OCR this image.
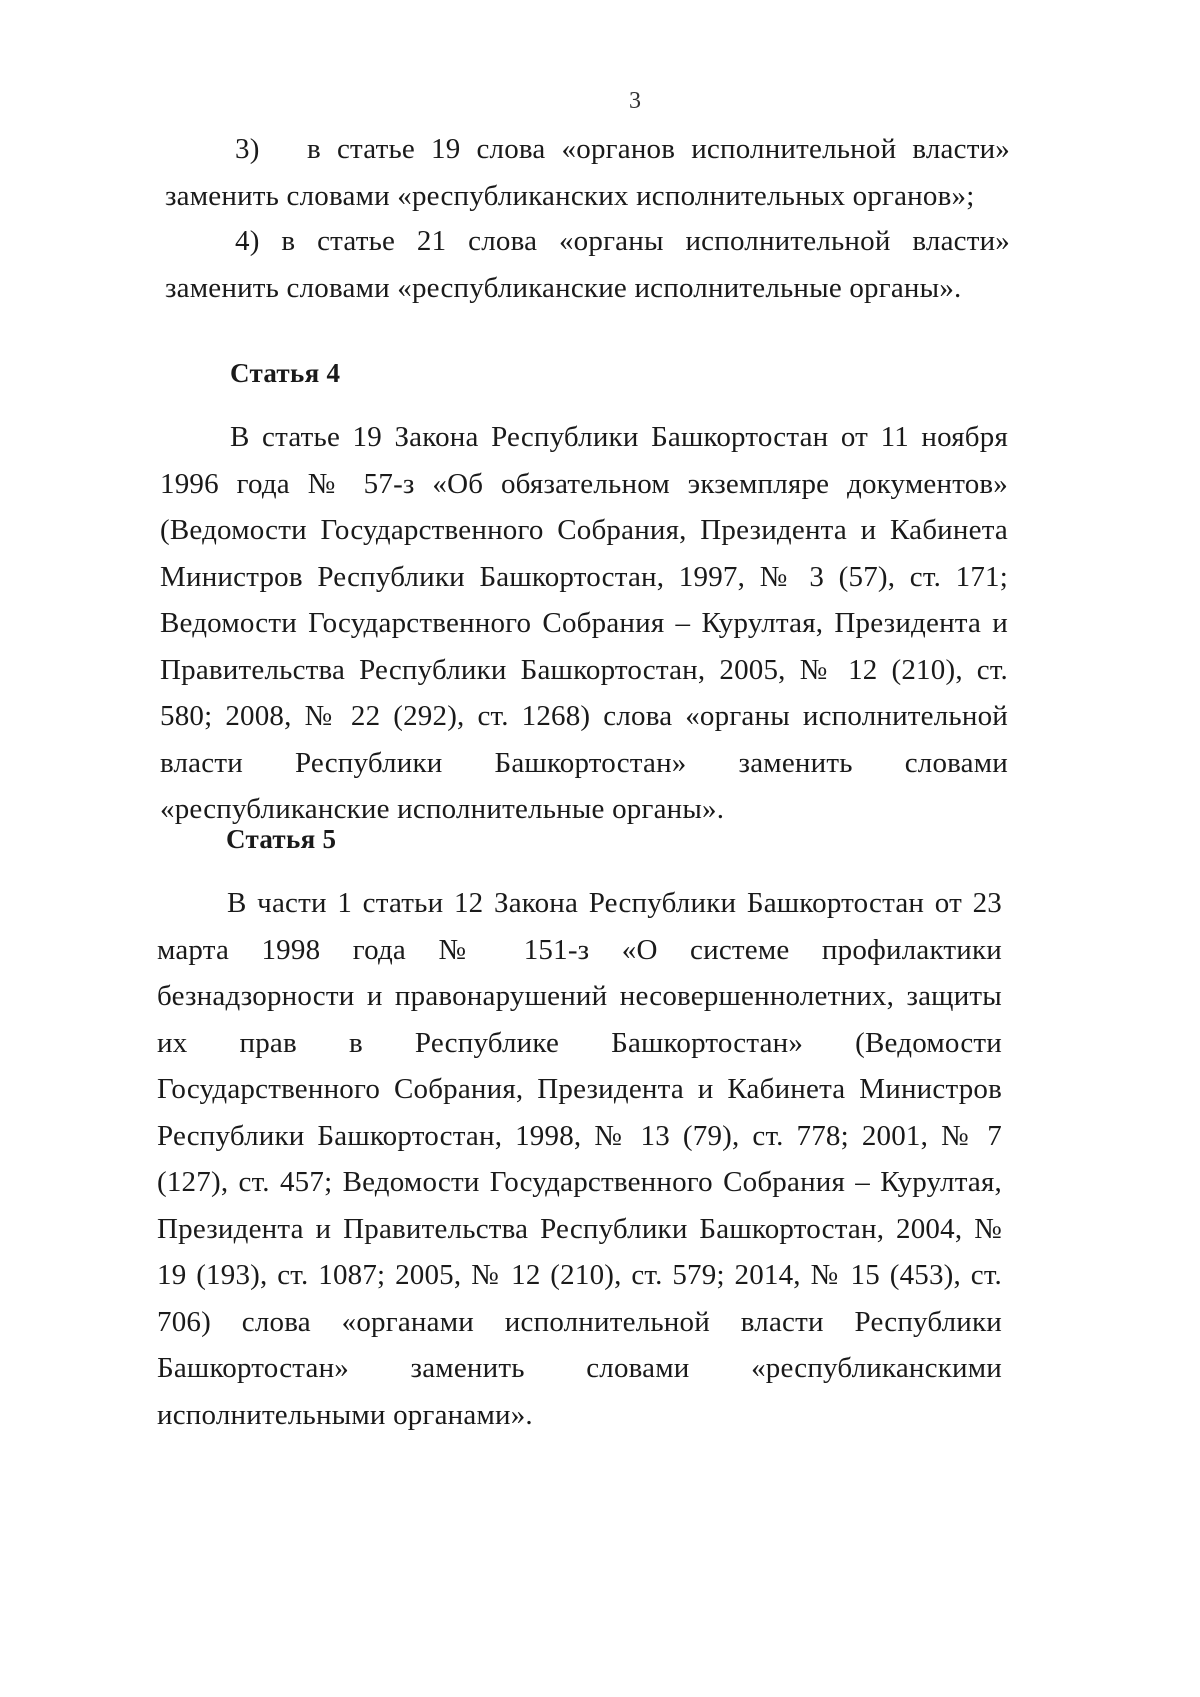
3
3) в статье 19 слова «органов исполнительной власти» заменить словами «республиканских исполнительных органов»;
4) в статье 21 слова «органы исполнительной власти» заменить словами «республиканские исполнительные органы».
Статья 4
В статье 19 Закона Республики Башкортостан от 11 ноября 1996 года № 57-з «Об обязательном экземпляре документов» (Ведомости Государственного Собрания, Президента и Кабинета Министров Республики Башкортостан, 1997, № 3 (57), ст. 171; Ведомости Государственного Собрания – Курултая, Президента и Правительства Республики Башкортостан, 2005, № 12 (210), ст. 580; 2008, № 22 (292), ст. 1268) слова «органы исполнительной власти Республики Башкортостан» заменить словами «республиканские исполнительные органы».
Статья 5
В части 1 статьи 12 Закона Республики Башкортостан от 23 марта 1998 года № 151-з «О системе профилактики безнадзорности и правонарушений несовершеннолетних, защиты их прав в Республике Башкортостан» (Ведомости Государственного Собрания, Президента и Кабинета Министров Республики Башкортостан, 1998, № 13 (79), ст. 778; 2001, № 7 (127), ст. 457; Ведомости Государственного Собрания – Курултая, Президента и Правительства Республики Башкортостан, 2004, № 19 (193), ст. 1087; 2005, № 12 (210), ст. 579; 2014, № 15 (453), ст. 706) слова «органами исполнительной власти Республики Башкортостан» заменить словами «республиканскими исполнительными органами».
